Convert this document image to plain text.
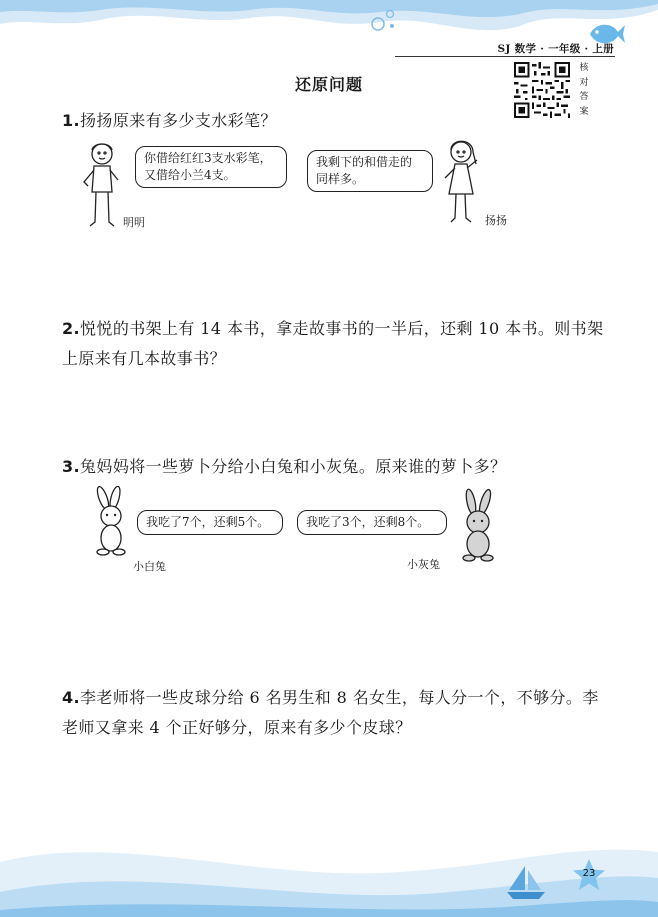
SJ 数学 · 一年级 · 上册
核
对
答
案
还原问题
1.扬扬原来有多少支水彩笔？
你借给红红3支水彩笔，
又借给小兰4支。
明明
我剩下的和借走的
同样多。
扬扬
2.悦悦的书架上有 14 本书，拿走故事书的一半后，还剩 10 本书。则书架
上原来有几本故事书？
3.兔妈妈将一些萝卜分给小白兔和小灰兔。原来谁的萝卜多？
我吃了7个，还剩5个。
小白兔
我吃了3个，还剩8个。
小灰兔
4.李老师将一些皮球分给 6 名男生和 8 名女生，每人分一个，不够分。李
老师又拿来 4 个正好够分，原来有多少个皮球？
23
